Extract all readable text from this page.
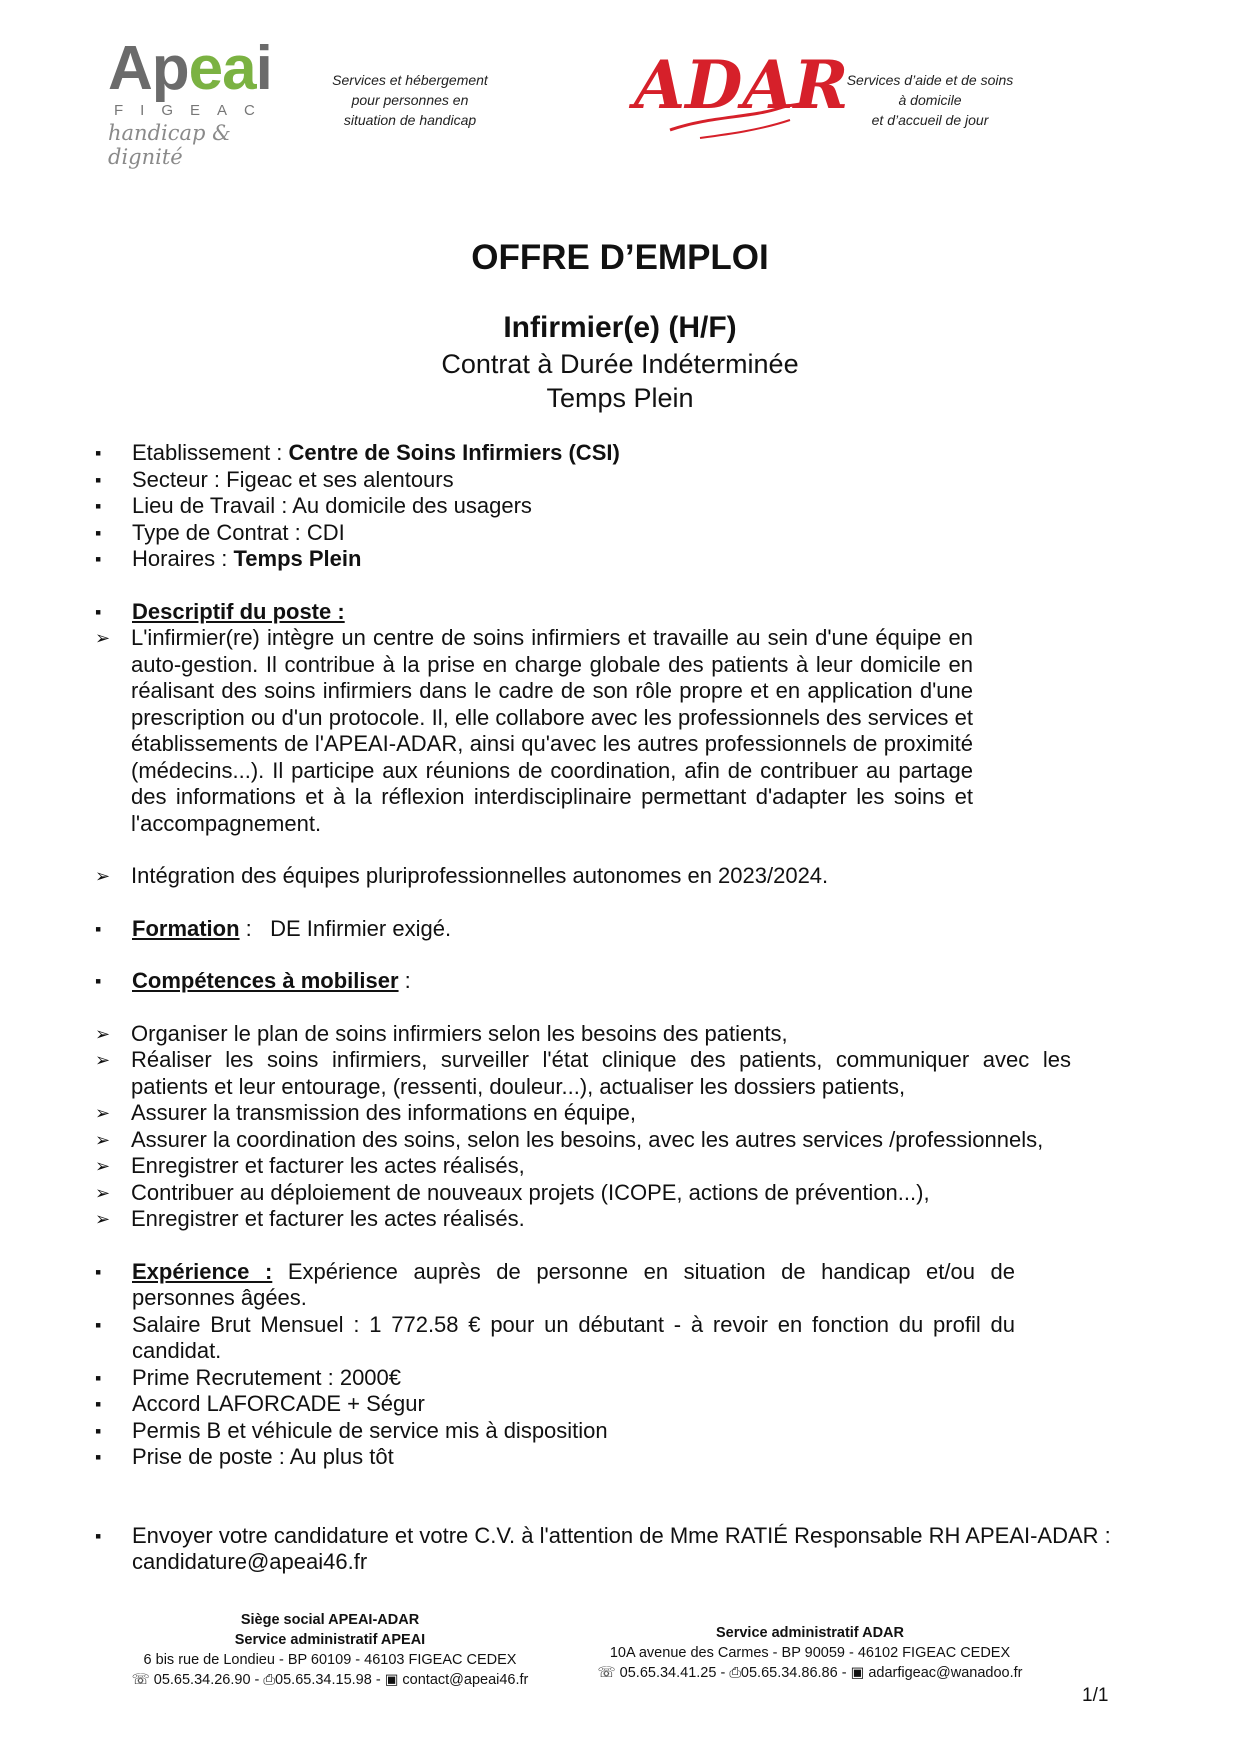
Apeai
FIGEAC
handicap & dignité
Services et hébergement
pour personnes en
situation de handicap	ADAR
Services d’aide et de soins
à domicile
et d’accueil de jour
OFFRE D’EMPLOI
Infirmier(e) (H/F)
Contrat à Durée Indéterminée
Temps Plein
▪ Etablissement : Centre de Soins Infirmiers (CSI)
▪ Secteur : Figeac et ses alentours
▪ Lieu de Travail : Au domicile des usagers
▪ Type de Contrat : CDI
▪ Horaires : Temps Plein
▪ Descriptif du poste :
➢ L'infirmier(re) intègre un centre de soins infirmiers et travaille au sein d'une équipe en auto-gestion. Il contribue à la prise en charge globale des patients à leur domicile en réalisant des soins infirmiers dans le cadre de son rôle propre et en application d'une prescription ou d'un protocole. Il, elle collabore avec les professionnels des services et établissements de l'APEAI-ADAR, ainsi qu'avec les autres professionnels de proximité (médecins...). Il participe aux réunions de coordination, afin de contribuer au partage des informations et à la réflexion interdisciplinaire permettant d'adapter les soins et l'accompagnement.
➢ Intégration des équipes pluriprofessionnelles autonomes en 2023/2024.
▪ Formation :   DE Infirmier exigé.
▪ Compétences à mobiliser :
➢ Organiser le plan de soins infirmiers selon les besoins des patients,
➢ Réaliser les soins infirmiers, surveiller l'état clinique des patients, communiquer avec les patients et leur entourage, (ressenti, douleur...), actualiser les dossiers patients,
➢ Assurer la transmission des informations en équipe,
➢ Assurer la coordination des soins, selon les besoins, avec les autres services /professionnels,
➢ Enregistrer et facturer les actes réalisés,
➢ Contribuer au déploiement de nouveaux projets (ICOPE, actions de prévention...),
➢ Enregistrer et facturer les actes réalisés.
▪ Expérience : Expérience auprès de personne en situation de handicap et/ou de personnes âgées.
▪ Salaire Brut Mensuel : 1 772.58 € pour un débutant - à revoir en fonction du profil du candidat.
▪ Prime Recrutement : 2000€
▪ Accord LAFORCADE + Ségur
▪ Permis B et véhicule de service mis à disposition
▪ Prise de poste : Au plus tôt
▪ Envoyer votre candidature et votre C.V. à l'attention de Mme RATIÉ Responsable RH APEAI-ADAR :
candidature@apeai46.fr
Siège social APEAI-ADAR
Service administratif APEAI
6 bis rue de Londieu - BP 60109 - 46103 FIGEAC CEDEX
☏ 05.65.34.26.90 - ⎙05.65.34.15.98 - ▣ contact@apeai46.fr
Service administratif ADAR
10A avenue des Carmes - BP 90059 - 46102 FIGEAC CEDEX
☏ 05.65.34.41.25 - ⎙05.65.34.86.86 - ▣ adarfigeac@wanadoo.fr
1/1
